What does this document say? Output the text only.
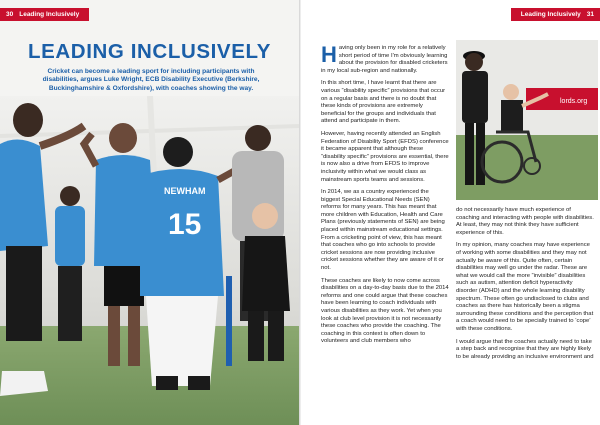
30 Leading Inclusively
LEADING INCLUSIVELY
Cricket can become a leading sport for including participants with disabilities, argues Luke Wright, ECB Disability Executive (Berkshire, Buckinghamshire & Oxfordshire), with coaches showing the way.
NEWHAM
15
Leading Inclusively 31
lords.org

Having only been in my role for a relatively short period of time I'm obviously learning about the provision for disabled cricketers in my local sub-region and nationally.

In this short time, I have learnt that there are various “disability specific” provisions that occur on a regular basis and there is no doubt that these kinds of provisions are extremely beneficial for the groups and individuals that attend and participate in them.

However, having recently attended an English Federation of Disability Sport (EFDS) conference it became apparent that although these “disability specific” provisions are essential, there is now also a drive from EFDS to improve inclusivity within what we would class as mainstream sports teams and sessions.

In 2014, we as a country experienced the biggest Special Educational Needs (SEN) reforms for many years. This has meant that more children with Education, Health and Care Plans (previously statements of SEN) are being placed within mainstream educational settings. From a cricketing point of view, this has meant that coaches who go into schools to provide cricket sessions are now providing inclusive cricket sessions whether they are aware of it or not.

These coaches are likely to now come across disabilities on a day-to-day basis due to the 2014 reforms and one could argue that these coaches have been learning to coach individuals with various disabilities as they work. Yet when you look at club level provision it is not necessarily these coaches who provide the coaching. The coaching in this context is often down to volunteers and club members who

do not necessarily have much experience of coaching and interacting with people with disabilities. At least, they may not think they have sufficient experience of this.

In my opinion, many coaches may have experience of working with some disabilities and they may not actually be aware of this. Quite often, certain disabilities may well go under the radar. These are what we would call the more “invisible” disabilities such as autism, attention deficit hyperactivity disorder (ADHD) and the whole learning disability spectrum. These often go undisclosed to clubs and coaches as there has historically been a stigma surrounding these conditions and the perception that a coach would need to be specially trained to ‘cope’ with these conditions.

I would argue that the coaches actually need to take a step back and recognise that they are highly likely to be already providing an inclusive environment and
